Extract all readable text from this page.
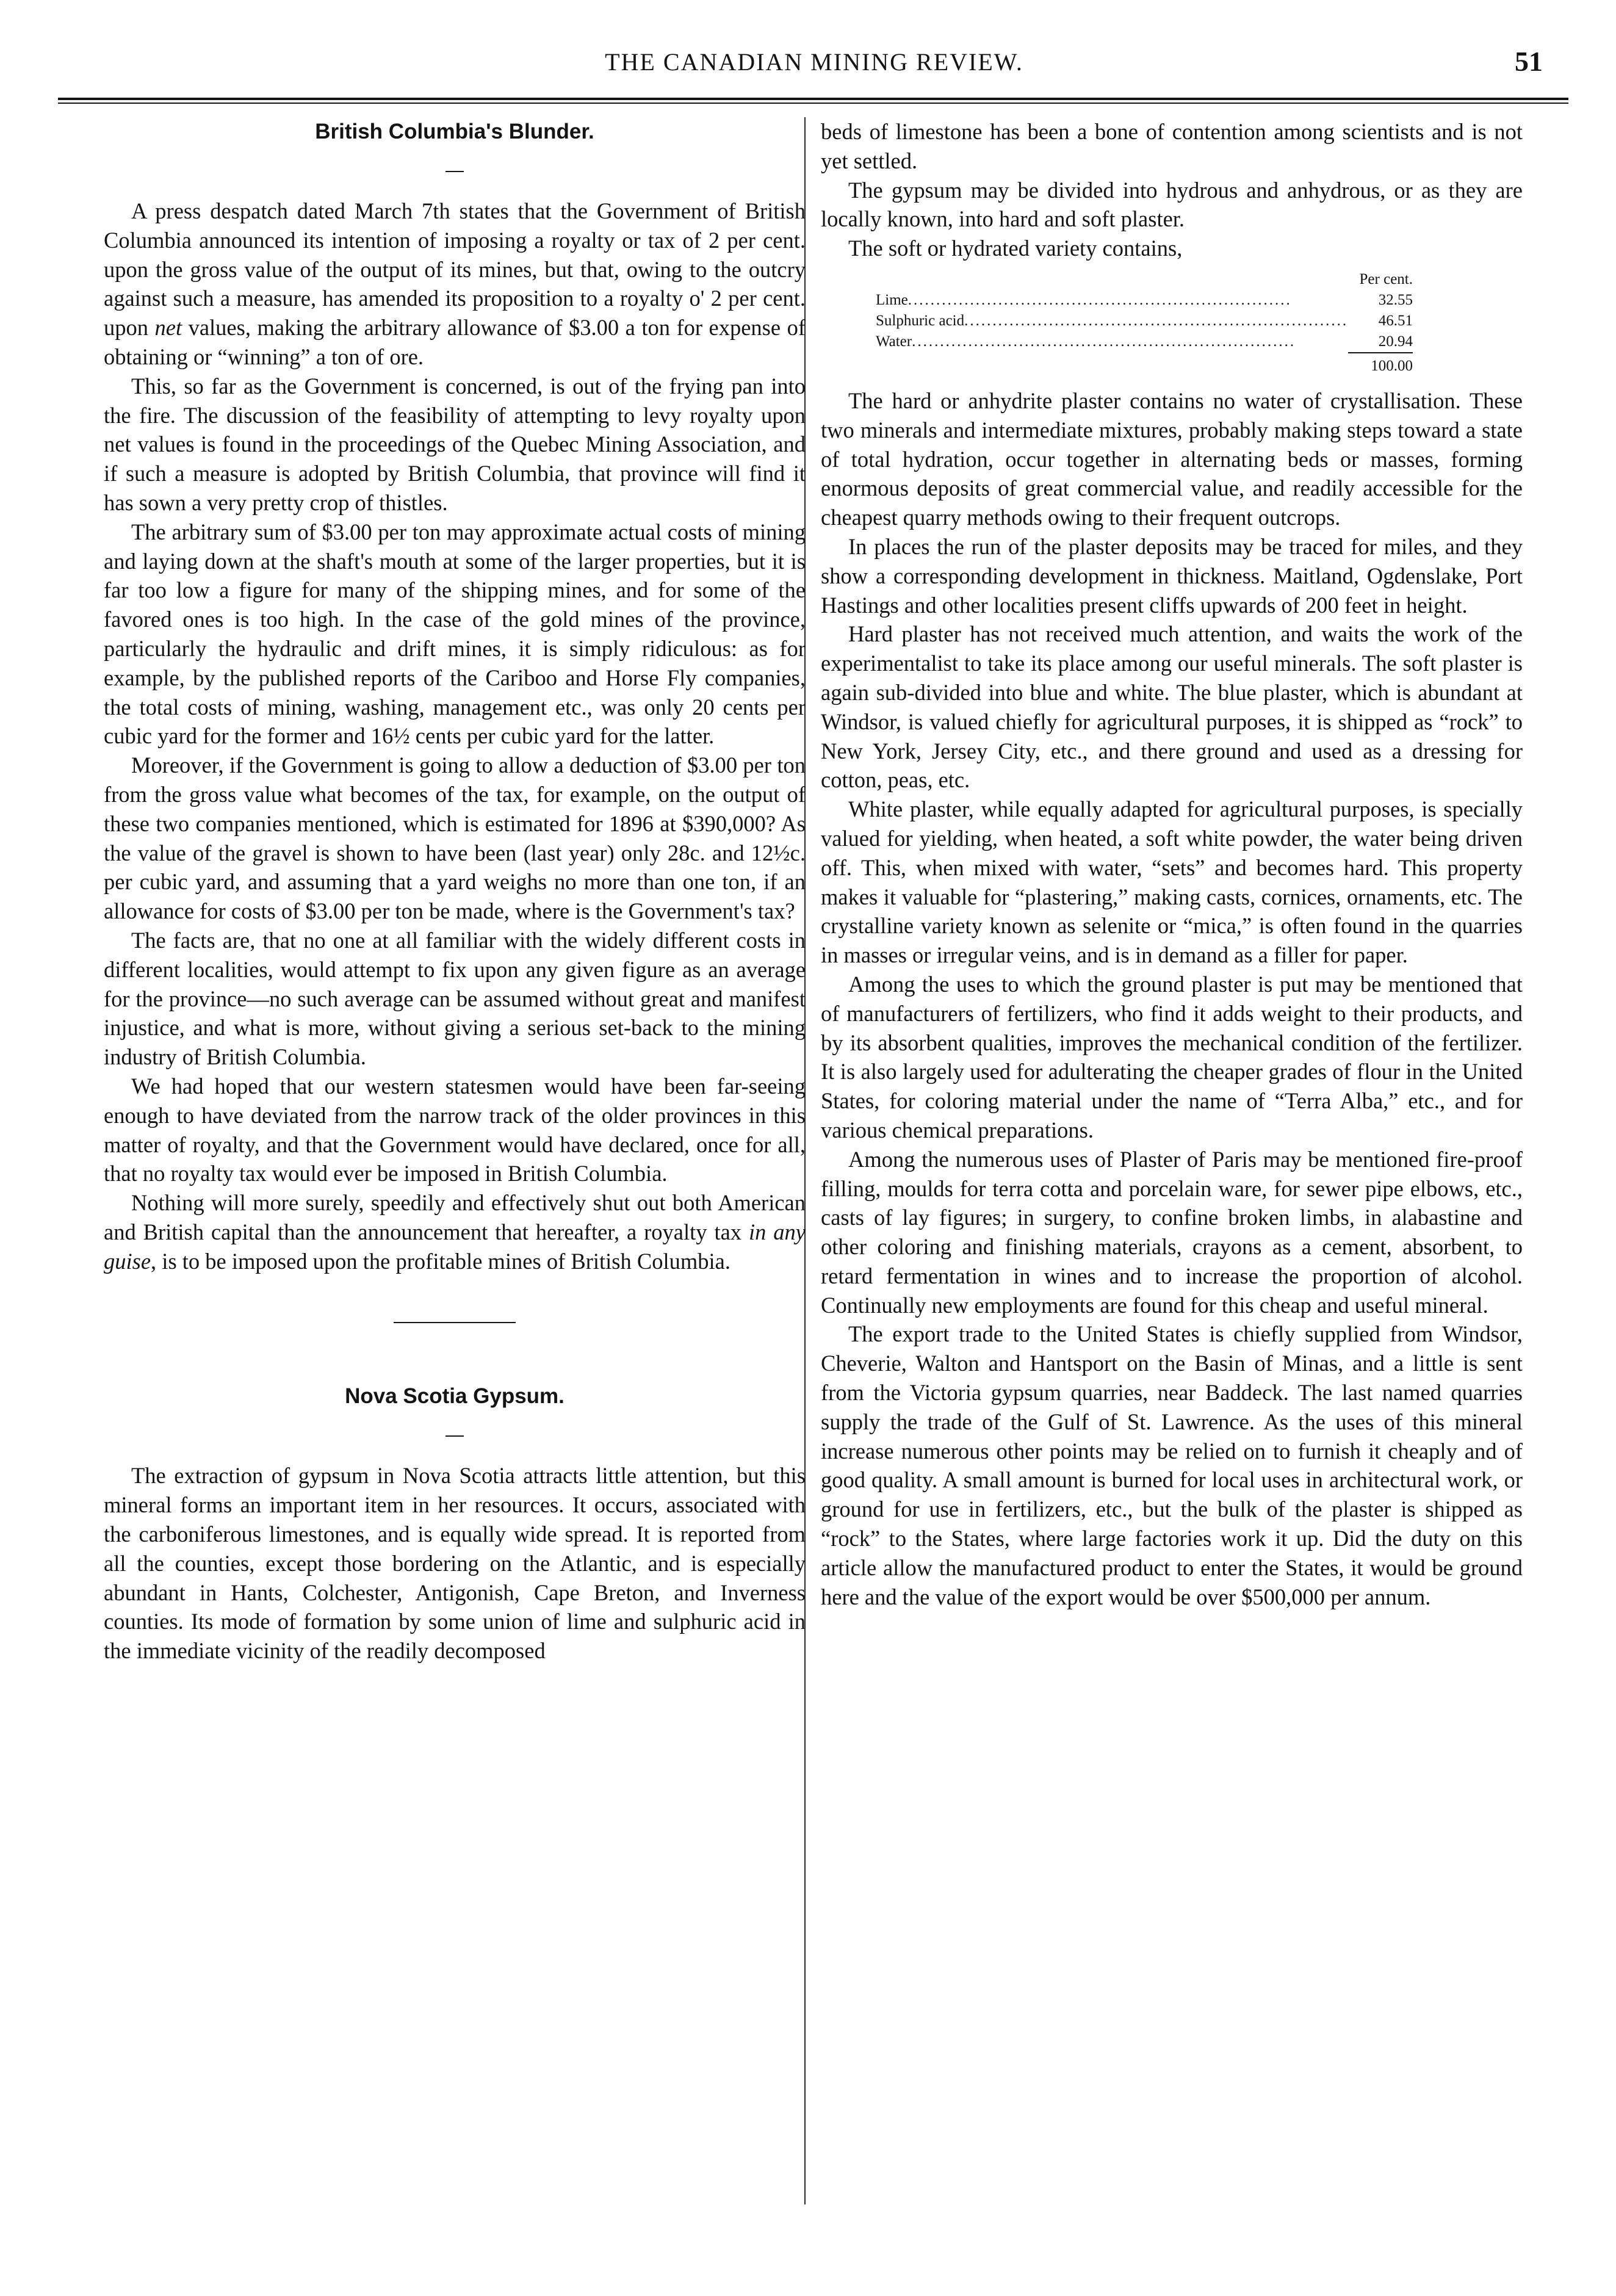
THE CANADIAN MINING REVIEW.	51
British Columbia's Blunder.

A press despatch dated March 7th states that the Government of British Columbia announced its intention of imposing a royalty or tax of 2 per cent. upon the gross value of the output of its mines, but that, owing to the outcry against such a measure, has amended its proposition to a royalty o' 2 per cent. upon net values, making the arbitrary allowance of $3.00 a ton for expense of obtaining or “winning” a ton of ore.

This, so far as the Government is concerned, is out of the frying pan into the fire. The discussion of the feasibility of attempting to levy royalty upon net values is found in the proceedings of the Quebec Mining Association, and if such a measure is adopted by British Columbia, that province will find it has sown a very pretty crop of thistles.

The arbitrary sum of $3.00 per ton may approximate actual costs of mining and laying down at the shaft's mouth at some of the larger properties, but it is far too low a figure for many of the shipping mines, and for some of the favored ones is too high. In the case of the gold mines of the province, particularly the hydraulic and drift mines, it is simply ridiculous: as for example, by the published reports of the Cariboo and Horse Fly companies, the total costs of mining, washing, management etc., was only 20 cents per cubic yard for the former and 16½ cents per cubic yard for the latter.

Moreover, if the Government is going to allow a deduction of $3.00 per ton from the gross value what becomes of the tax, for example, on the output of these two companies mentioned, which is estimated for 1896 at $390,000? As the value of the gravel is shown to have been (last year) only 28c. and 12½c. per cubic yard, and assuming that a yard weighs no more than one ton, if an allowance for costs of $3.00 per ton be made, where is the Government's tax?

The facts are, that no one at all familiar with the widely different costs in different localities, would attempt to fix upon any given figure as an average for the province—no such average can be assumed without great and manifest injustice, and what is more, without giving a serious set-back to the mining industry of British Columbia.

We had hoped that our western statesmen would have been far-seeing enough to have deviated from the narrow track of the older provinces in this matter of royalty, and that the Government would have declared, once for all, that no royalty tax would ever be imposed in British Columbia.

Nothing will more surely, speedily and effectively shut out both American and British capital than the announcement that hereafter, a royalty tax in any guise, is to be imposed upon the profitable mines of British Columbia.

Nova Scotia Gypsum.

The extraction of gypsum in Nova Scotia attracts little attention, but this mineral forms an important item in her resources. It occurs, associated with the carboniferous limestones, and is equally wide spread. It is reported from all the counties, except those bordering on the Atlantic, and is especially abundant in Hants, Colchester, Antigonish, Cape Breton, and Inverness counties. Its mode of formation by some union of lime and sulphuric acid in the immediate vicinity of the readily decomposed

beds of limestone has been a bone of contention among scientists and is not yet settled.

The gypsum may be divided into hydrous and anhydrous, or as they are locally known, into hard and soft plaster.

The soft or hydrated variety contains,

	Per cent.
Lime....................................................................	32.55
Sulphuric acid....................................................................	46.51
Water....................................................................	20.94
	100.00

The hard or anhydrite plaster contains no water of crystallisation. These two minerals and intermediate mixtures, probably making steps toward a state of total hydration, occur together in alternating beds or masses, forming enormous deposits of great commercial value, and readily accessible for the cheapest quarry methods owing to their frequent outcrops.

In places the run of the plaster deposits may be traced for miles, and they show a corresponding development in thickness. Maitland, Ogdenslake, Port Hastings and other localities present cliffs upwards of 200 feet in height.

Hard plaster has not received much attention, and waits the work of the experimentalist to take its place among our useful minerals. The soft plaster is again sub-divided into blue and white. The blue plaster, which is abundant at Windsor, is valued chiefly for agricultural purposes, it is shipped as “rock” to New York, Jersey City, etc., and there ground and used as a dressing for cotton, peas, etc.

White plaster, while equally adapted for agricultural purposes, is specially valued for yielding, when heated, a soft white powder, the water being driven off. This, when mixed with water, “sets” and becomes hard. This property makes it valuable for “plastering,” making casts, cornices, ornaments, etc. The crystalline variety known as selenite or “mica,” is often found in the quarries in masses or irregular veins, and is in demand as a filler for paper.

Among the uses to which the ground plaster is put may be mentioned that of manufacturers of fertilizers, who find it adds weight to their products, and by its absorbent qualities, improves the mechanical condition of the fertilizer. It is also largely used for adulterating the cheaper grades of flour in the United States, for coloring material under the name of “Terra Alba,” etc., and for various chemical preparations.

Among the numerous uses of Plaster of Paris may be mentioned fire-proof filling, moulds for terra cotta and porcelain ware, for sewer pipe elbows, etc., casts of lay figures; in surgery, to confine broken limbs, in alabastine and other coloring and finishing materials, crayons as a cement, absorbent, to retard fermentation in wines and to increase the proportion of alcohol. Continually new employments are found for this cheap and useful mineral.

The export trade to the United States is chiefly supplied from Windsor, Cheverie, Walton and Hantsport on the Basin of Minas, and a little is sent from the Victoria gypsum quarries, near Baddeck. The last named quarries supply the trade of the Gulf of St. Lawrence. As the uses of this mineral increase numerous other points may be relied on to furnish it cheaply and of good quality. A small amount is burned for local uses in architectural work, or ground for use in fertilizers, etc., but the bulk of the plaster is shipped as “rock” to the States, where large factories work it up. Did the duty on this article allow the manufactured product to enter the States, it would be ground here and the value of the export would be over $500,000 per annum.
